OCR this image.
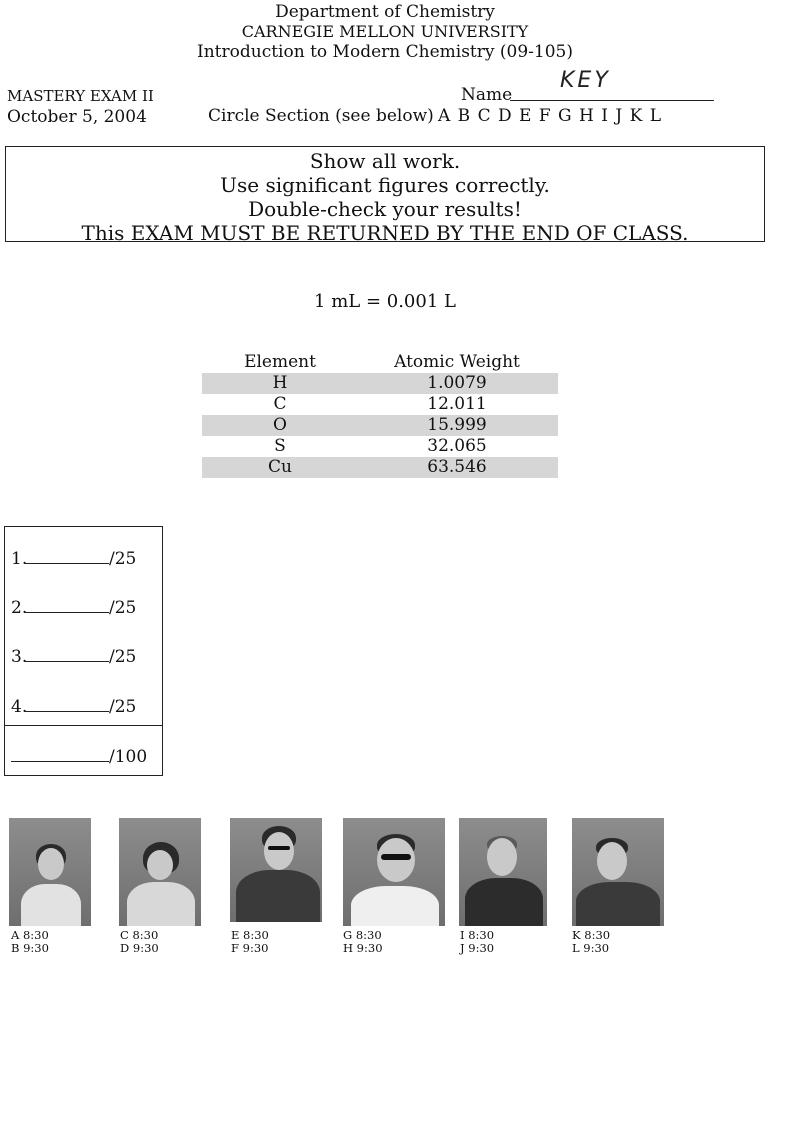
Department of Chemistry
CARNEGIE MELLON UNIVERSITY
Introduction to Modern Chemistry (09-105)
MASTERY EXAM II
October 5, 2004
Name
KEY
Circle Section (see below) A B C D E F G H I J K L
Show all work.
Use significant figures correctly.
Double-check your results!
This EXAM MUST BE RETURNED BY THE END OF CLASS.
1 mL = 0.001 L
Element	Atomic Weight
H	1.0079
C	12.011
O	15.999
S	32.065
Cu	63.546
1.	/25
2.	/25
3.	/25
4.	/25
/100
A 8:30
B 9:30
C 8:30
D 9:30
E 8:30
F 9:30
G 8:30
H 9:30
I 8:30
J 9:30
K 8:30
L 9:30
